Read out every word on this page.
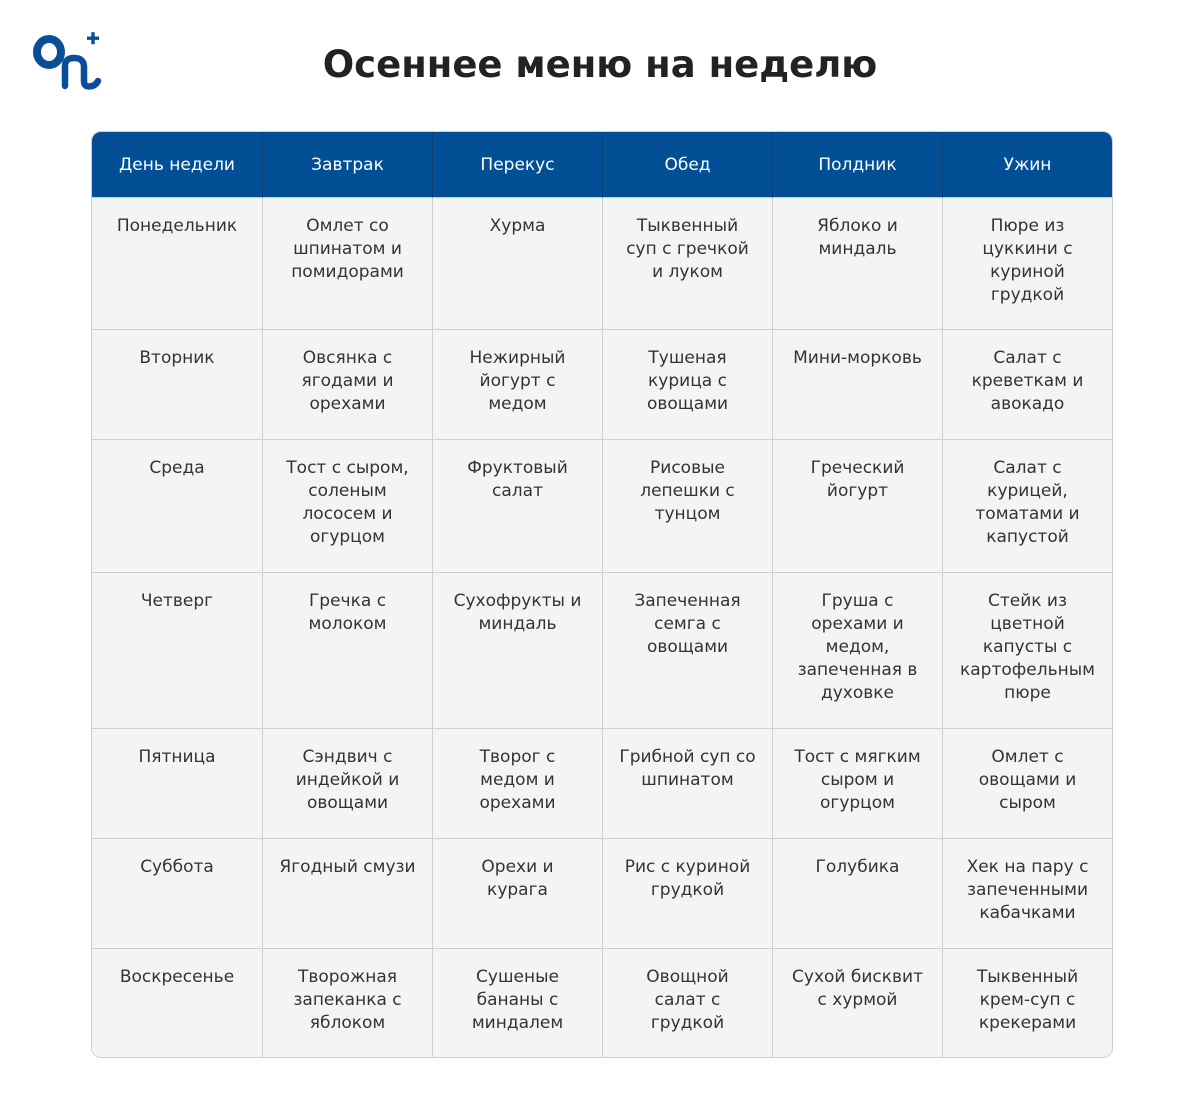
Осеннее меню на неделю
День недели	Завтрак	Перекус	Обед	Полдник	Ужин
Понедельник	Омлет со шпинатом и помидорами	Хурма	Тыквенный суп с гречкой и луком	Яблоко и миндаль	Пюре из цуккини с куриной грудкой
Вторник	Овсянка с ягодами и орехами	Нежирный йогурт с медом	Тушеная курица с овощами	Мини-морковь	Салат с креветкам и авокадо
Среда	Тост с сыром, соленым лососем и огурцом	Фруктовый салат	Рисовые лепешки с тунцом	Греческий йогурт	Салат с курицей, томатами и капустой
Четверг	Гречка с молоком	Сухофрукты и миндаль	Запеченная семга с овощами	Груша с орехами и медом, запеченная в духовке	Стейк из цветной капусты с картофельным пюре
Пятница	Сэндвич с индейкой и овощами	Творог с медом и орехами	Грибной суп со шпинатом	Тост с мягким сыром и огурцом	Омлет с овощами и сыром
Суббота	Ягодный смузи	Орехи и курага	Рис с куриной грудкой	Голубика	Хек на пару с запеченными кабачками
Воскресенье	Творожная запеканка с яблоком	Сушеные бананы с миндалем	Овощной салат с грудкой	Сухой бисквит с хурмой	Тыквенный крем-суп с крекерами
